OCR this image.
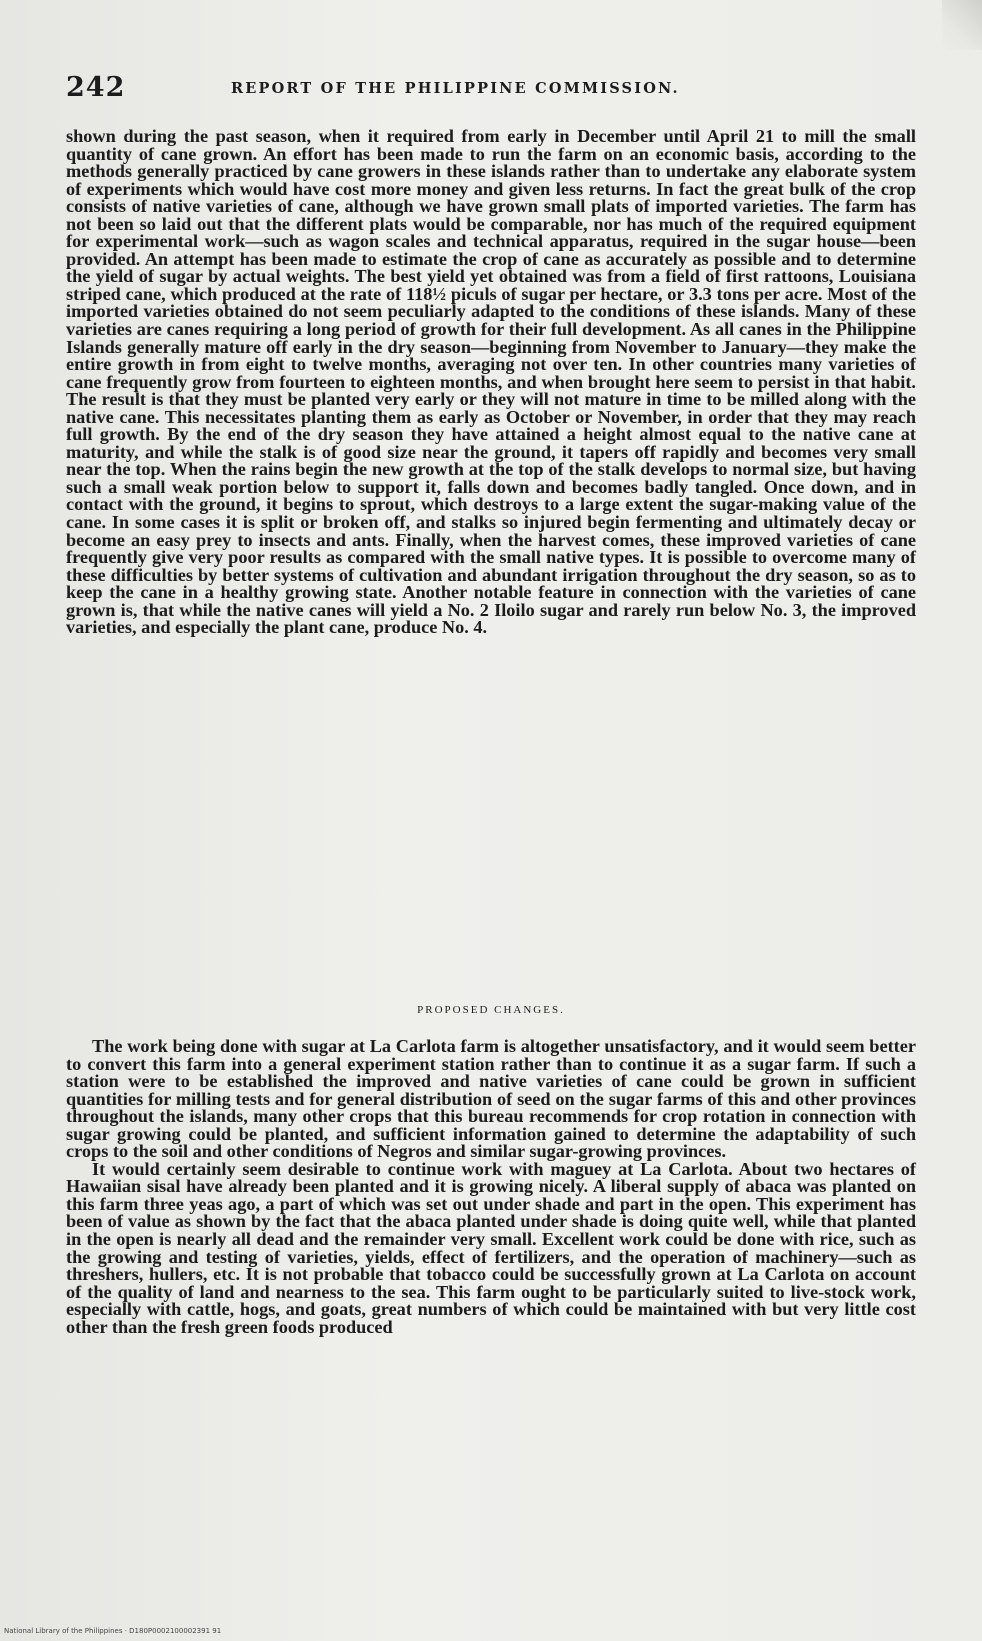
242	REPORT OF THE PHILIPPINE COMMISSION.

shown during the past season, when it required from early in December until April 21 to mill the small quantity of cane grown. An effort has been made to run the farm on an economic basis, according to the methods generally practiced by cane growers in these islands rather than to undertake any elaborate system of experiments which would have cost more money and given less returns. In fact the great bulk of the crop consists of native varieties of cane, although we have grown small plats of imported varieties. The farm has not been so laid out that the different plats would be comparable, nor has much of the required equipment for experimental work—such as wagon scales and technical apparatus, required in the sugar house—been provided. An attempt has been made to estimate the crop of cane as accurately as possible and to determine the yield of sugar by actual weights. The best yield yet obtained was from a field of first rattoons, Louisiana striped cane, which produced at the rate of 118½ piculs of sugar per hectare, or 3.3 tons per acre. Most of the imported varieties obtained do not seem peculiarly adapted to the conditions of these islands. Many of these varieties are canes requiring a long period of growth for their full development. As all canes in the Philippine Islands generally mature off early in the dry season—beginning from November to January—they make the entire growth in from eight to twelve months, averaging not over ten. In other countries many varieties of cane frequently grow from fourteen to eighteen months, and when brought here seem to persist in that habit. The result is that they must be planted very early or they will not mature in time to be milled along with the native cane. This necessitates planting them as early as October or November, in order that they may reach full growth. By the end of the dry season they have attained a height almost equal to the native cane at maturity, and while the stalk is of good size near the ground, it tapers off rapidly and becomes very small near the top. When the rains begin the new growth at the top of the stalk develops to normal size, but having such a small weak portion below to support it, falls down and becomes badly tangled. Once down, and in contact with the ground, it begins to sprout, which destroys to a large extent the sugar-making value of the cane. In some cases it is split or broken off, and stalks so injured begin fermenting and ultimately decay or become an easy prey to insects and ants. Finally, when the harvest comes, these improved varieties of cane frequently give very poor results as compared with the small native types. It is possible to overcome many of these difficulties by better systems of cultivation and abundant irrigation throughout the dry season, so as to keep the cane in a healthy growing state. Another notable feature in connection with the varieties of cane grown is, that while the native canes will yield a No. 2 Iloilo sugar and rarely run below No. 3, the improved varieties, and especially the plant cane, produce No. 4.

PROPOSED CHANGES.

The work being done with sugar at La Carlota farm is altogether unsatisfactory, and it would seem better to convert this farm into a general experiment station rather than to continue it as a sugar farm. If such a station were to be established the improved and native varieties of cane could be grown in sufficient quantities for milling tests and for general distribution of seed on the sugar farms of this and other provinces throughout the islands, many other crops that this bureau recommends for crop rotation in connection with sugar growing could be planted, and sufficient information gained to determine the adaptability of such crops to the soil and other conditions of Negros and similar sugar-growing provinces.

It would certainly seem desirable to continue work with maguey at La Carlota. About two hectares of Hawaiian sisal have already been planted and it is growing nicely. A liberal supply of abaca was planted on this farm three yeas ago, a part of which was set out under shade and part in the open. This experiment has been of value as shown by the fact that the abaca planted under shade is doing quite well, while that planted in the open is nearly all dead and the remainder very small. Excellent work could be done with rice, such as the growing and testing of varieties, yields, effect of fertilizers, and the operation of machinery—such as threshers, hullers, etc. It is not probable that tobacco could be successfully grown at La Carlota on account of the quality of land and nearness to the sea. This farm ought to be particularly suited to live-stock work, especially with cattle, hogs, and goats, great numbers of which could be maintained with but very little cost other than the fresh green foods produced

National Library of the Philippines · D180P0002100002391 91
